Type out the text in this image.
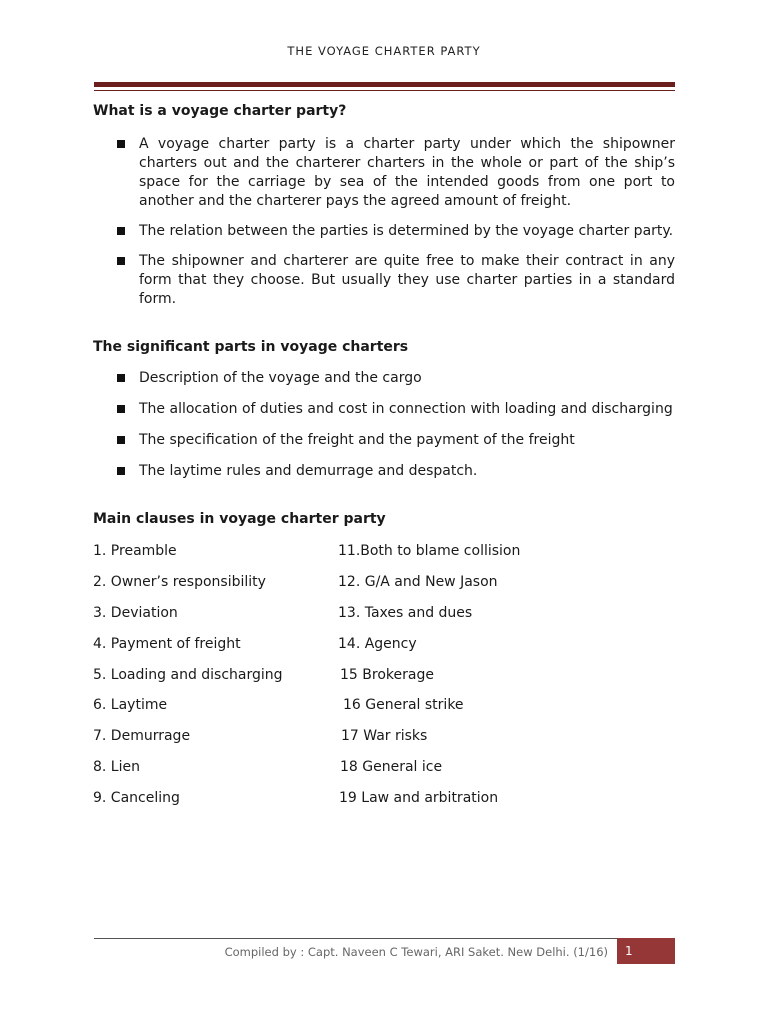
THE VOYAGE CHARTER PARTY
What is a voyage charter party?
A voyage charter party is a charter party under which the shipowner charters out and the charterer charters in the whole or part of the ship’s space for the carriage by sea of the intended goods from one port to another and the charterer pays the agreed amount of freight.
The relation between the parties is determined by the voyage charter party.
The shipowner and charterer are quite free to make their contract in any form that they choose. But usually they use charter parties in a standard form.
The significant parts in voyage charters
Description of the voyage and the cargo
The allocation of duties and cost in connection with loading and discharging
The specification of the freight and the payment of the freight
The laytime rules and demurrage and despatch.
Main clauses in voyage charter party
1. Preamble	11.Both to blame collision
2. Owner’s responsibility	12. G/A and New Jason
3. Deviation	13. Taxes and dues
4. Payment of freight	14. Agency
5. Loading and discharging	15 Brokerage
6. Laytime	16 General strike
7. Demurrage	17 War risks
8. Lien	18 General ice
9. Canceling	19 Law and arbitration
Compiled by : Capt. Naveen C Tewari, ARI Saket. New Delhi. (1/16)	1
